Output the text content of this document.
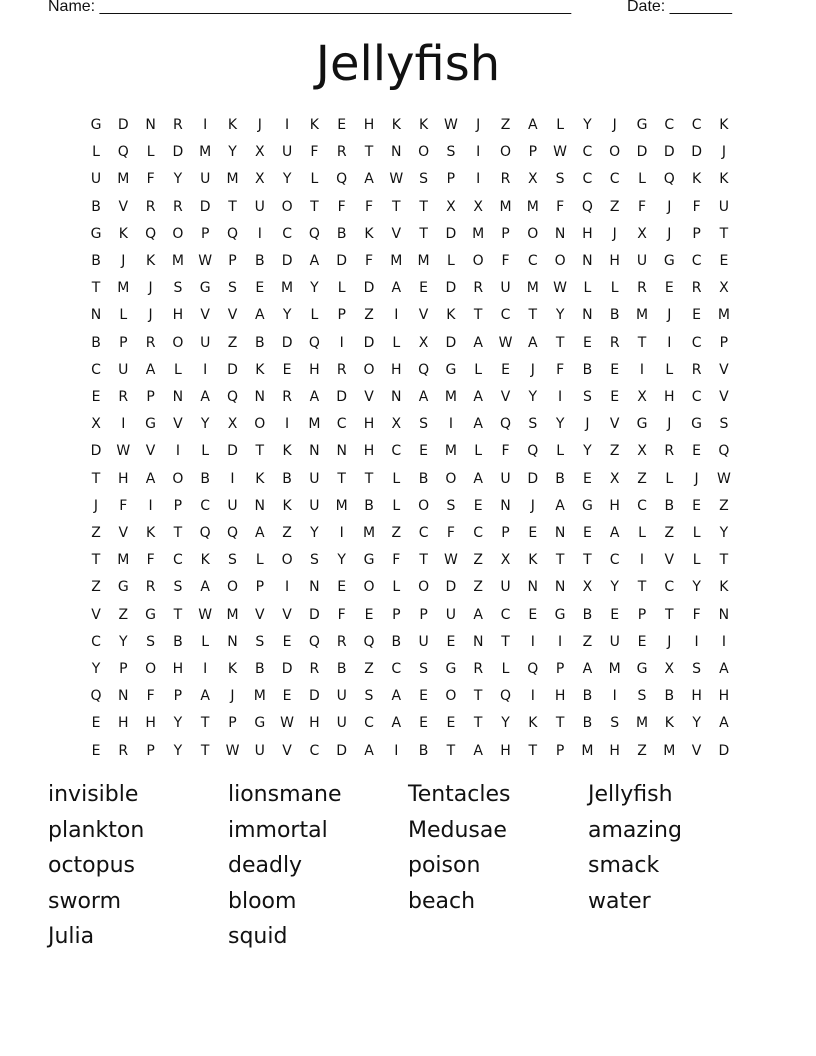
Name: _____________________________________________________	Date: _______
Jellyfish
G	D	N	R	I	K	J	I	K	E	H	K	K	W	J	Z	A	L	Y	J	G	C	C	K
L	Q	L	D	M	Y	X	U	F	R	T	N	O	S	I	O	P	W	C	O	D	D	D	J
U	M	F	Y	U	M	X	Y	L	Q	A	W	S	P	I	R	X	S	C	C	L	Q	K	K
B	V	R	R	D	T	U	O	T	F	F	T	T	X	X	M	M	F	Q	Z	F	J	F	U
G	K	Q	O	P	Q	I	C	Q	B	K	V	T	D	M	P	O	N	H	J	X	J	P	T
B	J	K	M	W	P	B	D	A	D	F	M	M	L	O	F	C	O	N	H	U	G	C	E
T	M	J	S	G	S	E	M	Y	L	D	A	E	D	R	U	M	W	L	L	R	E	R	X
N	L	J	H	V	V	A	Y	L	P	Z	I	V	K	T	C	T	Y	N	B	M	J	E	M
B	P	R	O	U	Z	B	D	Q	I	D	L	X	D	A	W	A	T	E	R	T	I	C	P
C	U	A	L	I	D	K	E	H	R	O	H	Q	G	L	E	J	F	B	E	I	L	R	V
E	R	P	N	A	Q	N	R	A	D	V	N	A	M	A	V	Y	I	S	E	X	H	C	V
X	I	G	V	Y	X	O	I	M	C	H	X	S	I	A	Q	S	Y	J	V	G	J	G	S
D	W	V	I	L	D	T	K	N	N	H	C	E	M	L	F	Q	L	Y	Z	X	R	E	Q
T	H	A	O	B	I	K	B	U	T	T	L	B	O	A	U	D	B	E	X	Z	L	J	W
J	F	I	P	C	U	N	K	U	M	B	L	O	S	E	N	J	A	G	H	C	B	E	Z
Z	V	K	T	Q	Q	A	Z	Y	I	M	Z	C	F	C	P	E	N	E	A	L	Z	L	Y
T	M	F	C	K	S	L	O	S	Y	G	F	T	W	Z	X	K	T	T	C	I	V	L	T
Z	G	R	S	A	O	P	I	N	E	O	L	O	D	Z	U	N	N	X	Y	T	C	Y	K
V	Z	G	T	W	M	V	V	D	F	E	P	P	U	A	C	E	G	B	E	P	T	F	N
C	Y	S	B	L	N	S	E	Q	R	Q	B	U	E	N	T	I	I	Z	U	E	J	I	I
Y	P	O	H	I	K	B	D	R	B	Z	C	S	G	R	L	Q	P	A	M	G	X	S	A
Q	N	F	P	A	J	M	E	D	U	S	A	E	O	T	Q	I	H	B	I	S	B	H	H
E	H	H	Y	T	P	G	W	H	U	C	A	E	E	T	Y	K	T	B	S	M	K	Y	A
E	R	P	Y	T	W	U	V	C	D	A	I	B	T	A	H	T	P	M	H	Z	M	V	D
invisible	lionsmane	Tentacles	Jellyfish
plankton	immortal	Medusae	amazing
octopus	deadly	poison	smack
sworm	bloom	beach	water
Julia	squid
